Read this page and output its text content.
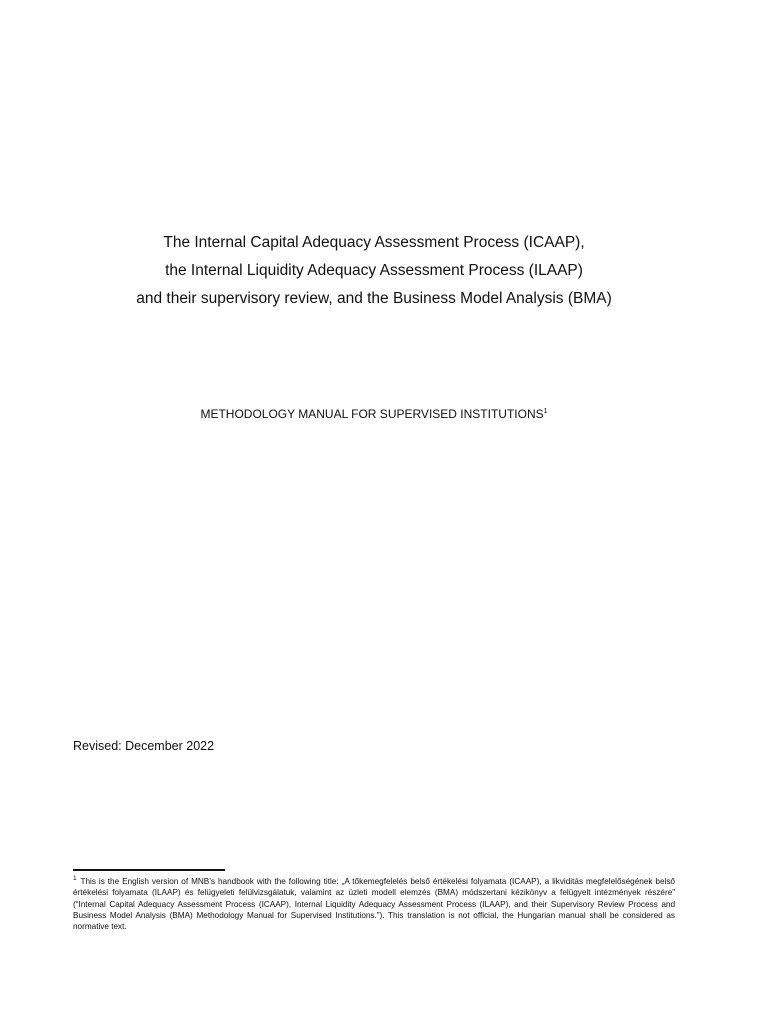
The Internal Capital Adequacy Assessment Process (ICAAP),
the Internal Liquidity Adequacy Assessment Process (ILAAP)
and their supervisory review, and the Business Model Analysis (BMA)
METHODOLOGY MANUAL FOR SUPERVISED INSTITUTIONS$^1$
Revised: December 2022
$^1$ This is the English version of MNB’s handbook with the following title: „A tőkemegfelelés belső értékelési folyamata (ICAAP), a likviditás megfelelőségének belső értékelési folyamata (ILAAP) és felügyeleti felülvizsgálatuk, valamint az üzleti modell elemzés (BMA) módszertani kézikönyv a felügyelt intézmények részére” (“Internal Capital Adequacy Assessment Process (ICAAP), Internal Liquidity Adequacy Assessment Process (ILAAP), and their Supervisory Review Process and Business Model Analysis (BMA) Methodology Manual for Supervised Institutions.”). This translation is not official, the Hungarian manual shall be considered as normative text.
